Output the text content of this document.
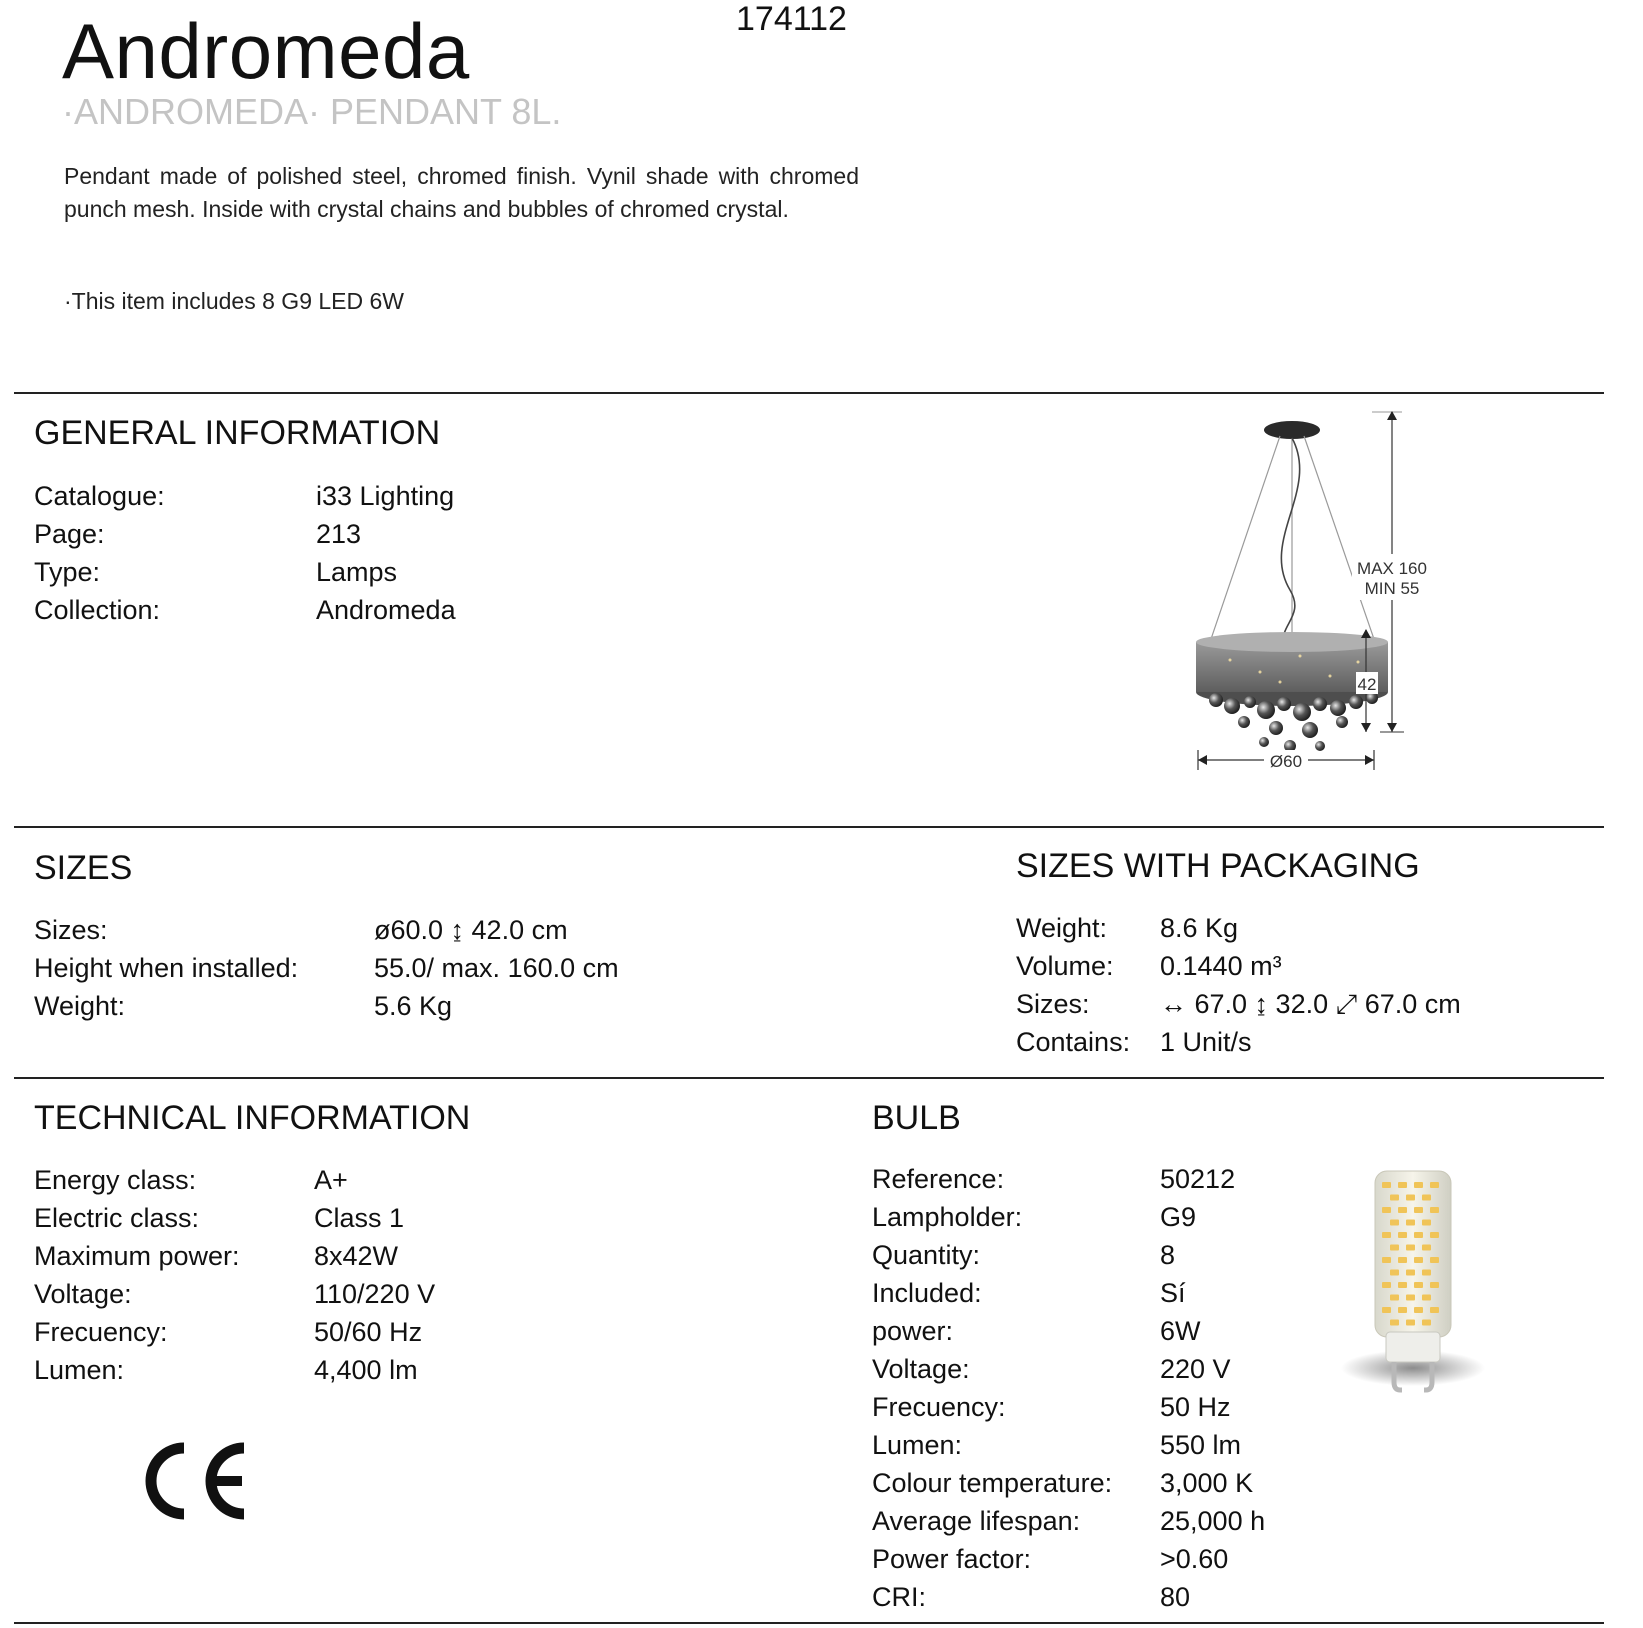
Andromeda	174112
·ANDROMEDA· PENDANT 8L.
Pendant made of polished steel, chromed finish. Vynil shade with chromed punch mesh. Inside with crystal chains and bubbles of chromed crystal.
·This item includes 8 G9 LED 6W
GENERAL INFORMATION
Catalogue:	i33 Lighting
Page:	213
Type:	Lamps
Collection:	Andromeda
MAX 160
MIN 55
42
Ø60
SIZES
Sizes:	ø60.0 ↨ 42.0 cm
Height when installed:	55.0/ max. 160.0 cm
Weight:	5.6 Kg
SIZES WITH PACKAGING
Weight: 8.6 Kg
Volume: 0.1440 m³
Sizes:	↔ 67.0 ↨ 32.0 ⤢ 67.0 cm
Contains: 1 Unit/s
TECHNICAL INFORMATION
Energy class:	A+
Electric class:	Class 1
Maximum power:	8x42W
Voltage:	110/220 V
Frecuency:	50/60 Hz
Lumen:	4,400 lm
BULB
Reference:	50212
Lampholder:	G9
Quantity:	8
Included:	Sí
power:	6W
Voltage:	220 V
Frecuency:	50 Hz
Lumen:	550 lm
Colour temperature: 3,000 K
Average lifespan:	25,000 h
Power factor:	>0.60
CRI:	80
